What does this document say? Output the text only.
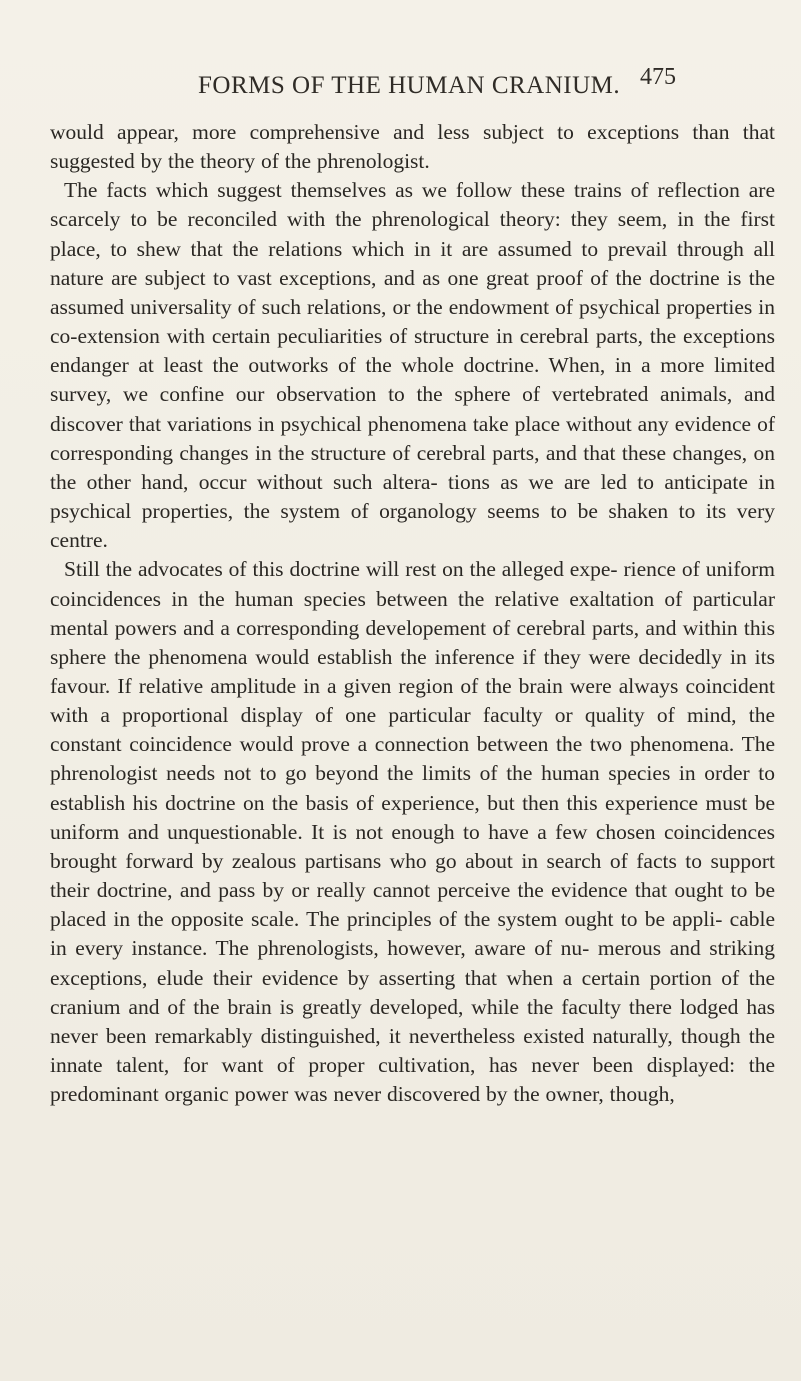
FORMS OF THE HUMAN CRANIUM. 475

would appear, more comprehensive and less subject to exceptions than that suggested by the theory of the phrenologist.

The facts which suggest themselves as we follow these trains of reflection are scarcely to be reconciled with the phrenological theory: they seem, in the first place, to shew that the relations which in it are assumed to prevail through all nature are subject to vast exceptions, and as one great proof of the doctrine is the assumed universality of such relations, or the endowment of psychical properties in co-extension with certain peculiarities of structure in cerebral parts, the exceptions endanger at least the outworks of the whole doctrine. When, in a more limited survey, we confine our observation to the sphere of vertebrated animals, and discover that variations in psychical phenomena take place without any evidence of corresponding changes in the structure of cerebral parts, and that these changes, on the other hand, occur without such altera- tions as we are led to anticipate in psychical properties, the system of organology seems to be shaken to its very centre.

Still the advocates of this doctrine will rest on the alleged expe- rience of uniform coincidences in the human species between the relative exaltation of particular mental powers and a corresponding developement of cerebral parts, and within this sphere the phenomena would establish the inference if they were decidedly in its favour. If relative amplitude in a given region of the brain were always coincident with a proportional display of one particular faculty or quality of mind, the constant coincidence would prove a connection between the two phenomena. The phrenologist needs not to go beyond the limits of the human species in order to establish his doctrine on the basis of experience, but then this experience must be uniform and unquestionable. It is not enough to have a few chosen coincidences brought forward by zealous partisans who go about in search of facts to support their doctrine, and pass by or really cannot perceive the evidence that ought to be placed in the opposite scale. The principles of the system ought to be appli- cable in every instance. The phrenologists, however, aware of nu- merous and striking exceptions, elude their evidence by asserting that when a certain portion of the cranium and of the brain is greatly developed, while the faculty there lodged has never been remarkably distinguished, it nevertheless existed naturally, though the innate talent, for want of proper cultivation, has never been displayed: the predominant organic power was never discovered by the owner, though,
